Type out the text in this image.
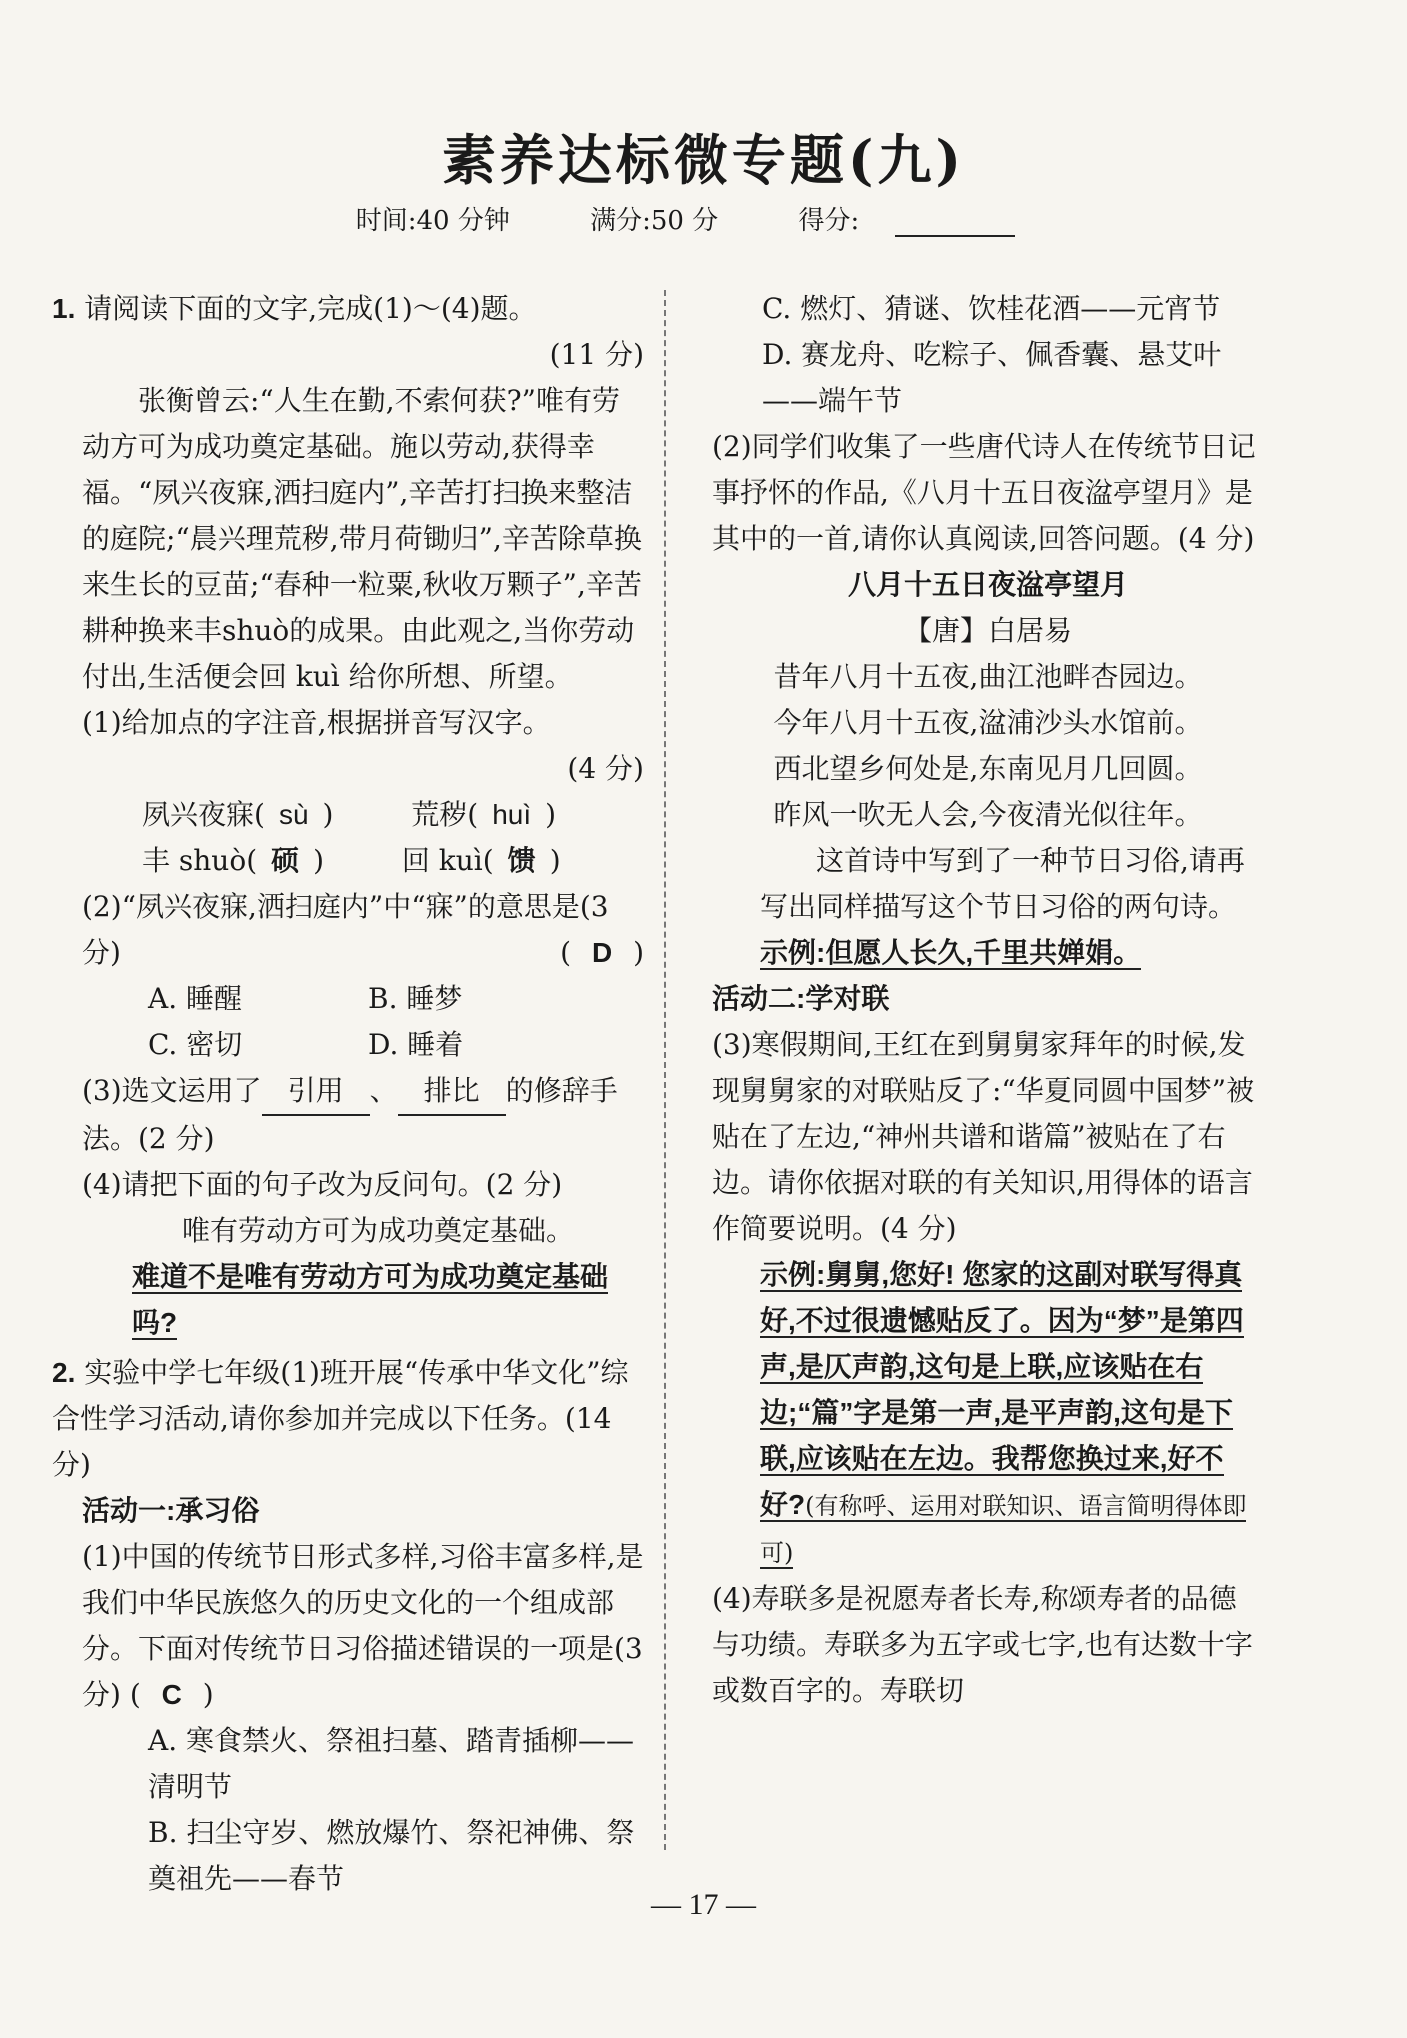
素养达标微专题(九)
时间:40 分钟	满分:50 分	得分:

1. 请阅读下面的文字,完成(1)～(4)题。

(11 分)

张衡曾云:“人生在勤,不索何获?”唯有劳动方可为成功奠定基础。施以劳动,获得幸福。“夙兴夜寐,洒扫庭内”,辛苦打扫换来整洁的庭院;“晨兴理荒秽,带月荷锄归”,辛苦除草换来生长的豆苗;“春种一粒粟,秋收万颗子”,辛苦耕种换来丰shuò的成果。由此观之,当你劳动付出,生活便会回 kuì 给你所想、所望。

(1)给加点的字注音,根据拼音写汉字。

(4 分)

夙兴夜寐( sù )	荒秽( huì )

丰 shuò( 硕 )	回 kuì( 馈 )

(2)“夙兴夜寐,洒扫庭内”中“寐”的意思是(3 分)	( D )

A. 睡醒	B. 睡梦

C. 密切	D. 睡着

(3)选文运用了 引用 、 排比 的修辞手法。(2 分)

(4)请把下面的句子改为反问句。(2 分)

唯有劳动方可为成功奠定基础。

难道不是唯有劳动方可为成功奠定基础吗?

2. 实验中学七年级(1)班开展“传承中华文化”综合性学习活动,请你参加并完成以下任务。(14 分)

活动一:承习俗

(1)中国的传统节日形式多样,习俗丰富多样,是我们中华民族悠久的历史文化的一个组成部分。下面对传统节日习俗描述错误的一项是(3 分) ( C )

A. 寒食禁火、祭祖扫墓、踏青插柳——清明节

B. 扫尘守岁、燃放爆竹、祭祀神佛、祭奠祖先——春节

C. 燃灯、猜谜、饮桂花酒——元宵节

D. 赛龙舟、吃粽子、佩香囊、悬艾叶——端午节

(2)同学们收集了一些唐代诗人在传统节日记事抒怀的作品,《八月十五日夜湓亭望月》是其中的一首,请你认真阅读,回答问题。(4 分)

八月十五日夜湓亭望月

【唐】白居易

昔年八月十五夜,曲江池畔杏园边。

今年八月十五夜,湓浦沙头水馆前。

西北望乡何处是,东南见月几回圆。

昨风一吹无人会,今夜清光似往年。

这首诗中写到了一种节日习俗,请再写出同样描写这个节日习俗的两句诗。

示例:但愿人长久,千里共婵娟。

活动二:学对联

(3)寒假期间,王红在到舅舅家拜年的时候,发现舅舅家的对联贴反了:“华夏同圆中国梦”被贴在了左边,“神州共谱和谐篇”被贴在了右边。请你依据对联的有关知识,用得体的语言作简要说明。(4 分)

示例:舅舅,您好! 您家的这副对联写得真好,不过很遗憾贴反了。因为“梦”是第四声,是仄声韵,这句是上联,应该贴在右边;“篇”字是第一声,是平声韵,这句是下联,应该贴在左边。我帮您换过来,好不好?(有称呼、运用对联知识、语言简明得体即可)

(4)寿联多是祝愿寿者长寿,称颂寿者的品德与功绩。寿联多为五字或七字,也有达数十字或数百字的。寿联切

— 17 —
